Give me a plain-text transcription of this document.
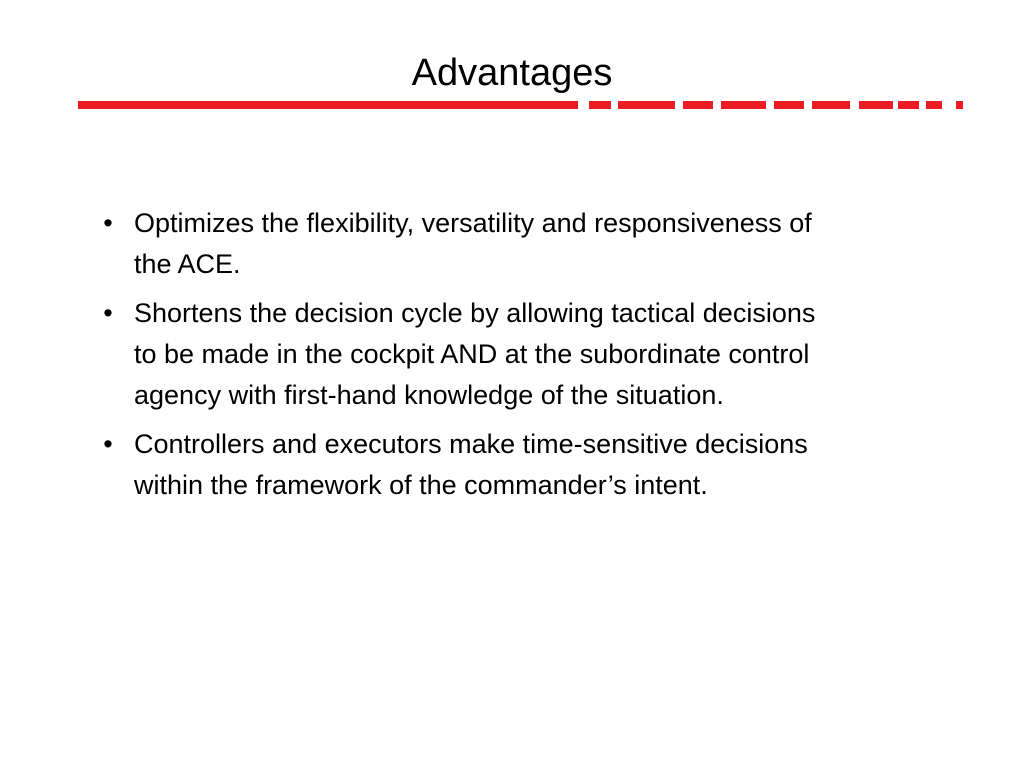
Advantages
• Optimizes the flexibility, versatility and responsiveness of the ACE.
• Shortens the decision cycle by allowing tactical decisions to be made in the cockpit AND at the subordinate control agency with first-hand knowledge of the situation.
• Controllers and executors make time-sensitive decisions within the framework of the commander’s intent.
